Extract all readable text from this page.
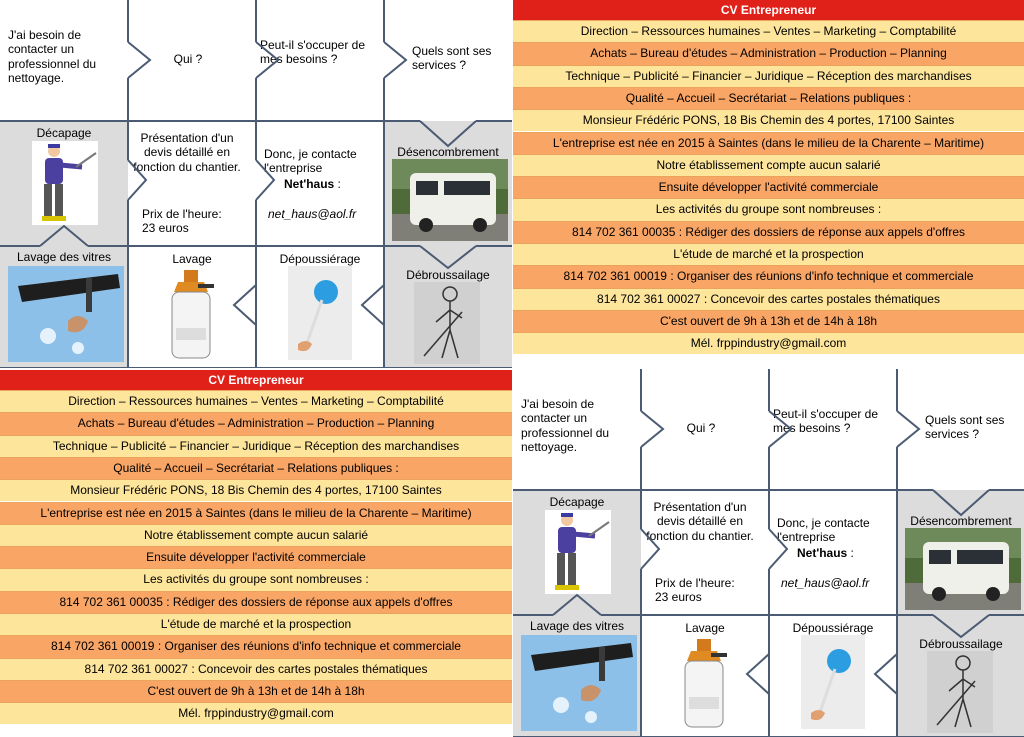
J'ai besoin de contacter un professionnel du nettoyage.
Qui ?
Peut-il s'occuper de mes besoins ?
Quels sont ses services ?
Décapage	Présentation d'un devis détaillé en fonction du chantier.
Prix de l'heure: 23 euros
Donc, je contacte l'entreprise
Net'haus :
net_haus@aol.fr
Désencombrement
Lavage des vitres	Lavage	Dépoussiérage
Débroussailage
CV Entrepreneur
Direction – Ressources humaines – Ventes – Marketing – Comptabilité
Achats – Bureau d'études – Administration – Production – Planning
Technique – Publicité – Financier – Juridique – Réception des marchandises
Qualité – Accueil – Secrétariat – Relations publiques :
Monsieur Frédéric PONS, 18 Bis Chemin des 4 portes, 17100 Saintes
L'entreprise est née en 2015 à Saintes (dans le milieu de la Charente – Maritime)
Notre établissement compte aucun salarié
Ensuite développer l'activité commerciale
Les activités du groupe sont nombreuses :
814 702 361 00035 : Rédiger des dossiers de réponse aux appels d'offres
L'étude de marché et la prospection
814 702 361 00019 : Organiser des réunions d'info technique et commerciale
814 702 361 00027 : Concevoir des cartes postales thématiques
C'est ouvert de 9h à 13h et de 14h à 18h
Mél. frppindustry@gmail.com
CV Entrepreneur
Direction – Ressources humaines – Ventes – Marketing – Comptabilité
Achats – Bureau d'études – Administration – Production – Planning
Technique – Publicité – Financier – Juridique – Réception des marchandises
Qualité – Accueil – Secrétariat – Relations publiques :
Monsieur Frédéric PONS, 18 Bis Chemin des 4 portes, 17100 Saintes
L'entreprise est née en 2015 à Saintes (dans le milieu de la Charente – Maritime)
Notre établissement compte aucun salarié
Ensuite développer l'activité commerciale
Les activités du groupe sont nombreuses :
814 702 361 00035 : Rédiger des dossiers de réponse aux appels d'offres
L'étude de marché et la prospection
814 702 361 00019 : Organiser des réunions d'info technique et commerciale
814 702 361 00027 : Concevoir des cartes postales thématiques
C'est ouvert de 9h à 13h et de 14h à 18h
Mél. frppindustry@gmail.com
J'ai besoin de contacter un professionnel du nettoyage.
Qui ?
Peut-il s'occuper de mes besoins ?
Quels sont ses services ?
Décapage	Présentation d'un devis détaillé en fonction du chantier.
Prix de l'heure: 23 euros
Donc, je contacte l'entreprise
Net'haus :
net_haus@aol.fr
Désencombrement
Lavage des vitres	Lavage	Dépoussiérage
Débroussailage
